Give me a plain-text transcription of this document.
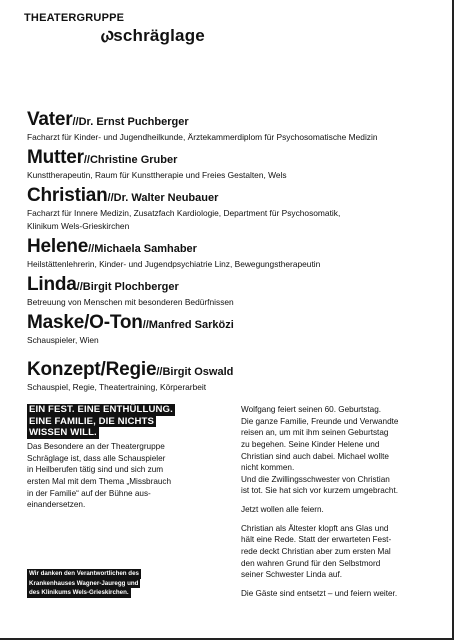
THEATERGRUPPE
ω
schräglage
Vater//Dr. Ernst Puchberger
Facharzt für Kinder- und Jugendheilkunde, Ärztekammerdiplom für Psychosomatische Medizin
Mutter//Christine Gruber
Kunsttherapeutin, Raum für Kunsttherapie und Freies Gestalten, Wels
Christian//Dr. Walter Neubauer
Facharzt für Innere Medizin, Zusatzfach Kardiologie, Department für Psychosomatik,
Klinikum Wels-Grieskirchen
Helene//Michaela Samhaber
Heilstättenlehrerin, Kinder- und Jugendpsychiatrie Linz, Bewegungstherapeutin
Linda//Birgit Plochberger
Betreuung von Menschen mit besonderen Bedürfnissen
Maske/O-Ton//Manfred Sarközi
Schauspieler, Wien
Konzept/Regie//Birgit Oswald
Schauspiel, Regie, Theatertraining, Körperarbeit
EIN FEST. EINE ENTHÜLLUNG.
EINE FAMILIE, DIE NICHTS
WISSEN WILL.
Das Besondere an der Theatergruppe
Schräglage ist, dass alle Schauspieler
in Heilberufen tätig sind und sich zum
ersten Mal mit dem Thema „Missbrauch
in der Familie“ auf der Bühne aus-
einandersetzen.
Wir danken den Verantwortlichen des
Krankenhauses Wagner-Jauregg und
des Klinikums Wels-Grieskirchen.

Wolfgang feiert seinen 60. Geburtstag.
Die ganze Familie, Freunde und Verwandte
reisen an, um mit ihm seinen Geburtstag
zu begehen. Seine Kinder Helene und
Christian sind auch dabei. Michael wollte
nicht kommen.
Und die Zwillingsschwester von Christian
ist tot. Sie hat sich vor kurzem umgebracht.

Jetzt wollen alle feiern.

Christian als Ältester klopft ans Glas und
hält eine Rede. Statt der erwarteten Fest-
rede deckt Christian aber zum ersten Mal
den wahren Grund für den Selbstmord
seiner Schwester Linda auf.

Die Gäste sind entsetzt – und feiern weiter.
